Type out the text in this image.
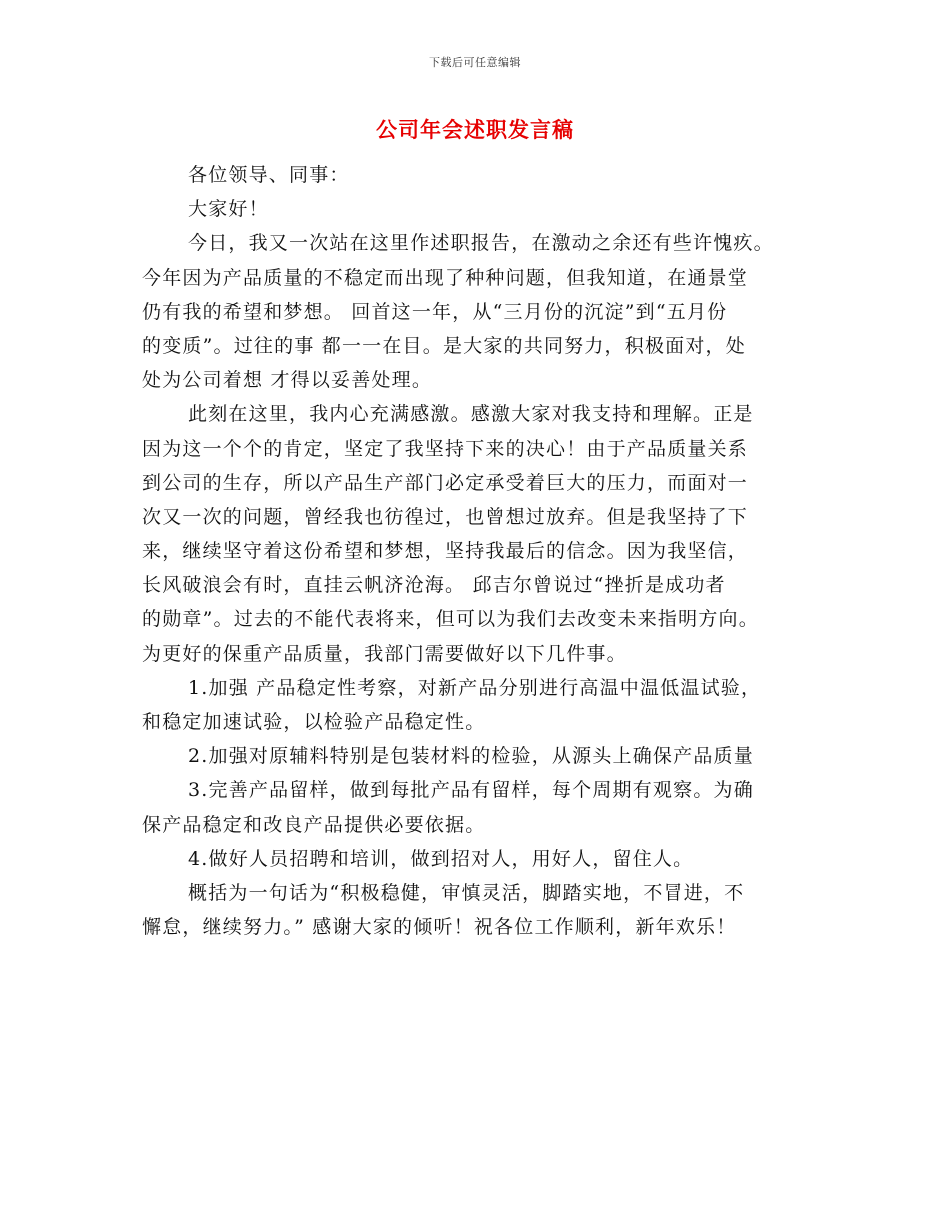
下载后可任意编辑
公司年会述职发言稿
各位领导、同事：
大家好！
今日，我又一次站在这里作述职报告，在激动之余还有些许愧疚。
今年因为产品质量的不稳定而出现了种种问题，但我知道，在通景堂
仍有我的希望和梦想。 回首这一年，从“三月份的沉淀”到“五月份
的变质”。过往的事 都一一在目。是大家的共同努力，积极面对，处
处为公司着想 才得以妥善处理。
此刻在这里，我内心充满感激。感激大家对我支持和理解。正是
因为这一个个的肯定，坚定了我坚持下来的决心！由于产品质量关系
到公司的生存，所以产品生产部门必定承受着巨大的压力，而面对一
次又一次的问题，曾经我也彷徨过，也曾想过放弃。但是我坚持了下
来，继续坚守着这份希望和梦想，坚持我最后的信念。因为我坚信，
长风破浪会有时，直挂云帆济沧海。 邱吉尔曾说过“挫折是成功者
的勋章”。过去的不能代表将来，但可以为我们去改变未来指明方向。
为更好的保重产品质量，我部门需要做好以下几件事。
1.加强 产品稳定性考察，对新产品分别进行高温中温低温试验，
和稳定加速试验，以检验产品稳定性。
2.加强对原辅料特别是包装材料的检验，从源头上确保产品质量
3.完善产品留样，做到每批产品有留样，每个周期有观察。为确
保产品稳定和改良产品提供必要依据。
4.做好人员招聘和培训，做到招对人，用好人，留住人。
概括为一句话为“积极稳健，审慎灵活，脚踏实地，不冒进，不
懈怠，继续努力。” 感谢大家的倾听！祝各位工作顺利，新年欢乐！
